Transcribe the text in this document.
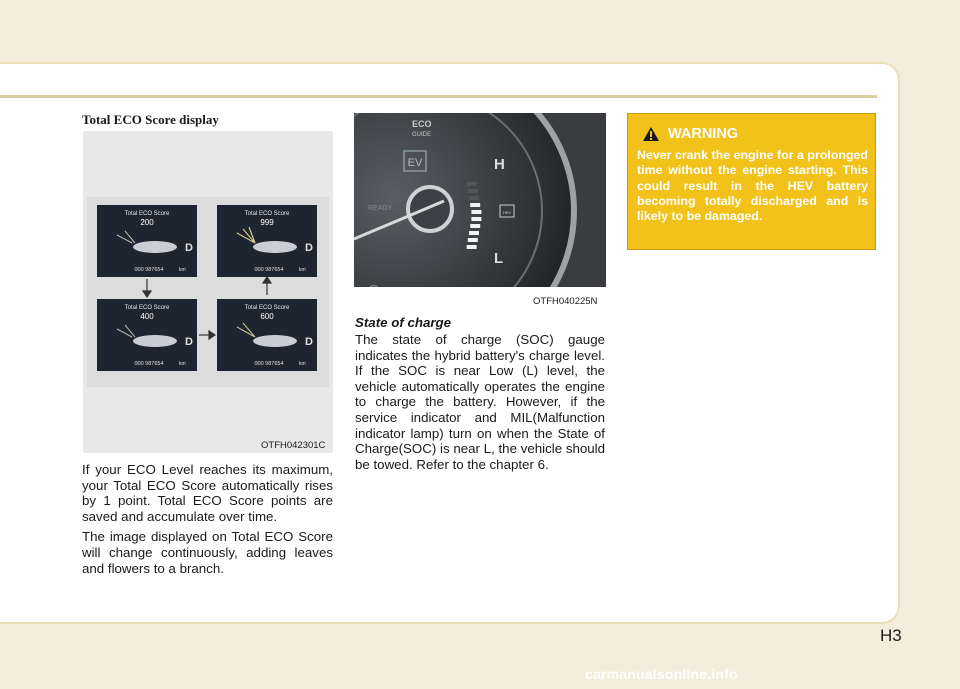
Total ECO Score display
Total ECO Score
200
D
000 987654	km
Total ECO Score
999
D
000 987654	km
Total ECO Score
400
D
000 987654	km
Total ECO Score
600
D
000 987654	km
OTFH042301C

If your ECO Level reaches its maximum, your Total ECO Score automatically rises by 1 point. Total ECO Score points are saved and accumulate over time.

The image displayed on Total ECO Score will change continuously, adding leaves and flowers to a branch.

ECO
GUIDE
EV
READY
H
L
HEV
OTFH040225N
State of charge

The state of charge (SOC) gauge indicates the hybrid battery's charge level. If the SOC is near Low (L) level, the vehicle automatically operates the engine to charge the battery. However, if the service indicator and MIL(Malfunction indicator lamp) turn on when the State of Charge(SOC) is near L, the vehicle should be towed. Refer to the chapter 6.

WARNING
Never crank the engine for a prolonged time without the engine starting. This could result in the HEV battery becoming totally discharged and is likely to be damaged.
H3
carmanualsonline.info
